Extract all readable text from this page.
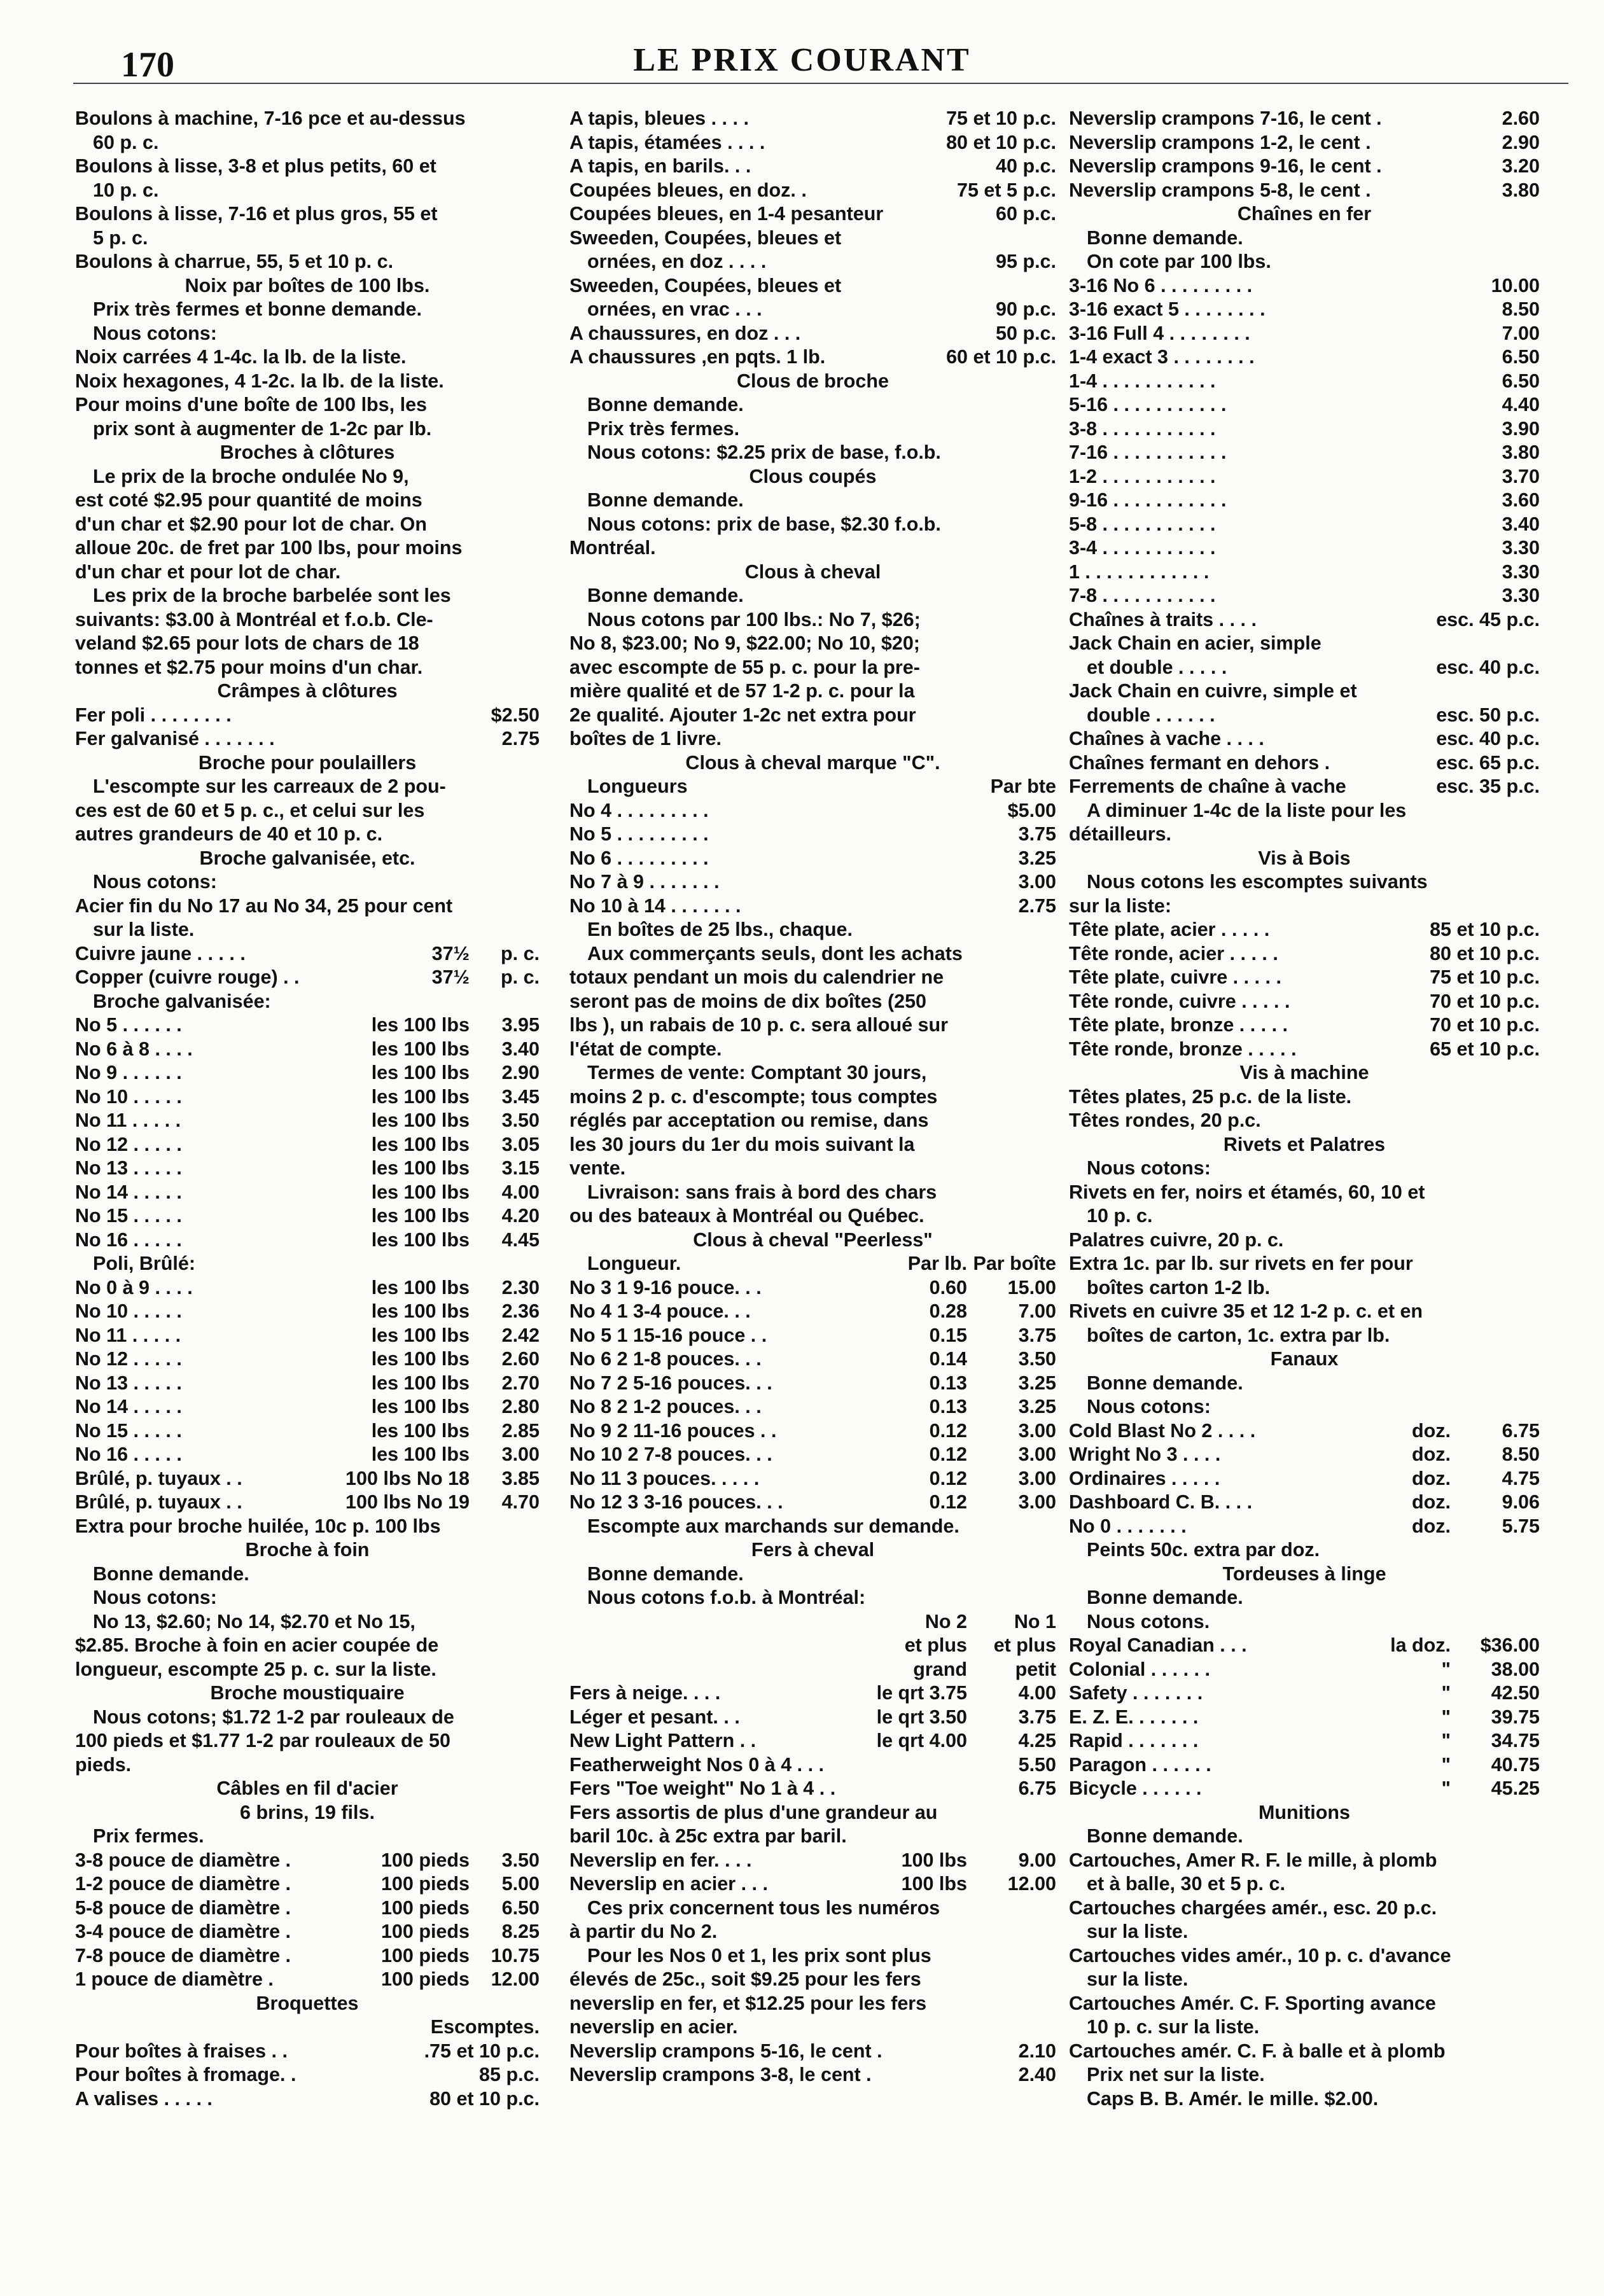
170	LE PRIX COURANT
Boulons à machine, 7-16 pce et au-dessus
60 p. c.
Boulons à lisse, 3-8 et plus petits, 60 et
10 p. c.
Boulons à lisse, 7-16 et plus gros, 55 et
5 p. c.
Boulons à charrue, 55, 5 et 10 p. c.
Noix par boîtes de 100 lbs.
Prix très fermes et bonne demande.
Nous cotons:
Noix carrées 4 1-4c. la lb. de la liste.
Noix hexagones, 4 1-2c. la lb. de la liste.
Pour moins d'une boîte de 100 lbs, les
prix sont à augmenter de 1-2c par lb.
Broches à clôtures
Le prix de la broche ondulée No 9,
est coté $2.95 pour quantité de moins
d'un char et $2.90 pour lot de char. On
alloue 20c. de fret par 100 lbs, pour moins
d'un char et pour lot de char.
Les prix de la broche barbelée sont les
suivants: $3.00 à Montréal et f.o.b. Cle-
veland $2.65 pour lots de chars de 18
tonnes et $2.75 pour moins d'un char.
Crâmpes à clôtures
Fer poli . . . . . . . .	$2.50
Fer galvanisé . . . . . . .	2.75
Broche pour poulaillers
L'escompte sur les carreaux de 2 pou-
ces est de 60 et 5 p. c., et celui sur les
autres grandeurs de 40 et 10 p. c.
Broche galvanisée, etc.
Nous cotons:
Acier fin du No 17 au No 34, 25 pour cent
sur la liste.
Cuivre jaune . . . . .	37½	p. c.
Copper (cuivre rouge) . .	37½	p. c.
Broche galvanisée:
No 5 . . . . . .	les 100 lbs	3.95
No 6 à 8 . . . .	les 100 lbs	3.40
No 9 . . . . . .	les 100 lbs	2.90
No 10 . . . . .	les 100 lbs	3.45
No 11 . . . . .	les 100 lbs	3.50
No 12 . . . . .	les 100 lbs	3.05
No 13 . . . . .	les 100 lbs	3.15
No 14 . . . . .	les 100 lbs	4.00
No 15 . . . . .	les 100 lbs	4.20
No 16 . . . . .	les 100 lbs	4.45
Poli, Brûlé:
No 0 à 9 . . . .	les 100 lbs	2.30
No 10 . . . . .	les 100 lbs	2.36
No 11 . . . . .	les 100 lbs	2.42
No 12 . . . . .	les 100 lbs	2.60
No 13 . . . . .	les 100 lbs	2.70
No 14 . . . . .	les 100 lbs	2.80
No 15 . . . . .	les 100 lbs	2.85
No 16 . . . . .	les 100 lbs	3.00
Brûlé, p. tuyaux . .	100 lbs No 18	3.85
Brûlé, p. tuyaux . .	100 lbs No 19	4.70
Extra pour broche huilée, 10c p. 100 lbs
Broche à foin
Bonne demande.
Nous cotons:
No 13, $2.60; No 14, $2.70 et No 15,
$2.85. Broche à foin en acier coupée de
longueur, escompte 25 p. c. sur la liste.
Broche moustiquaire
Nous cotons; $1.72 1-2 par rouleaux de
100 pieds et $1.77 1-2 par rouleaux de 50
pieds.
Câbles en fil d'acier
6 brins, 19 fils.
Prix fermes.
3-8 pouce de diamètre .	100 pieds	3.50
1-2 pouce de diamètre .	100 pieds	5.00
5-8 pouce de diamètre .	100 pieds	6.50
3-4 pouce de diamètre .	100 pieds	8.25
7-8 pouce de diamètre .	100 pieds	10.75
1 pouce de diamètre .	100 pieds	12.00
Broquettes
Escomptes.
Pour boîtes à fraises . .	.75 et 10 p.c.
Pour boîtes à fromage. .	85 p.c.
A valises . . . . .	80 et 10 p.c.
A tapis, bleues . . . .	75 et 10 p.c.
A tapis, étamées . . . .	80 et 10 p.c.
A tapis, en barils. . .	40 p.c.
Coupées bleues, en doz. .	75 et 5 p.c.
Coupées bleues, en 1-4 pesanteur	60 p.c.
Sweeden, Coupées, bleues et
ornées, en doz . . . .	95 p.c.
Sweeden, Coupées, bleues et
ornées, en vrac . . .	90 p.c.
A chaussures, en doz . . .	50 p.c.
A chaussures ,en pqts. 1 lb.	60 et 10 p.c.
Clous de broche
Bonne demande.
Prix très fermes.
Nous cotons: $2.25 prix de base, f.o.b.
Clous coupés
Bonne demande.
Nous cotons: prix de base, $2.30 f.o.b.
Montréal.
Clous à cheval
Bonne demande.
Nous cotons par 100 lbs.: No 7, $26;
No 8, $23.00; No 9, $22.00; No 10, $20;
avec escompte de 55 p. c. pour la pre-
mière qualité et de 57 1-2 p. c. pour la
2e qualité. Ajouter 1-2c net extra pour
boîtes de 1 livre.
Clous à cheval marque "C".
Longueurs	Par bte
No 4 . . . . . . . . .	$5.00
No 5 . . . . . . . . .	3.75
No 6 . . . . . . . . .	3.25
No 7 à 9 . . . . . . .	3.00
No 10 à 14 . . . . . . .	2.75
En boîtes de 25 lbs., chaque.
Aux commerçants seuls, dont les achats
totaux pendant un mois du calendrier ne
seront pas de moins de dix boîtes (250
lbs ), un rabais de 10 p. c. sera alloué sur
l'état de compte.
Termes de vente: Comptant 30 jours,
moins 2 p. c. d'escompte; tous comptes
réglés par acceptation ou remise, dans
les 30 jours du 1er du mois suivant la
vente.
Livraison: sans frais à bord des chars
ou des bateaux à Montréal ou Québec.
Clous à cheval "Peerless"
Longueur.	Par lb. Par boîte
No 3 1 9-16 pouce. . .	0.60	15.00
No 4 1 3-4 pouce. . .	0.28	7.00
No 5 1 15-16 pouce . .	0.15	3.75
No 6 2 1-8 pouces. . .	0.14	3.50
No 7 2 5-16 pouces. . .	0.13	3.25
No 8 2 1-2 pouces. . .	0.13	3.25
No 9 2 11-16 pouces . .	0.12	3.00
No 10 2 7-8 pouces. . .	0.12	3.00
No 11 3 pouces. . . . .	0.12	3.00
No 12 3 3-16 pouces. . .	0.12	3.00
Escompte aux marchands sur demande.
Fers à cheval
Bonne demande.
Nous cotons f.o.b. à Montréal:
No 2	No 1
et plus	et plus
grand	petit
Fers à neige. . . .	le qrt 3.75	4.00
Léger et pesant. . .	le qrt 3.50	3.75
New Light Pattern . .	le qrt 4.00	4.25
Featherweight Nos 0 à 4 . . .	5.50
Fers "Toe weight" No 1 à 4 . .	6.75
Fers assortis de plus d'une grandeur au
baril 10c. à 25c extra par baril.
Neverslip en fer. . . .	100 lbs	9.00
Neverslip en acier . . .	100 lbs	12.00
Ces prix concernent tous les numéros
à partir du No 2.
Pour les Nos 0 et 1, les prix sont plus
élevés de 25c., soit $9.25 pour les fers
neverslip en fer, et $12.25 pour les fers
neverslip en acier.
Neverslip crampons 5-16, le cent .	2.10
Neverslip crampons 3-8, le cent .	2.40
Neverslip crampons 7-16, le cent .	2.60
Neverslip crampons 1-2, le cent .	2.90
Neverslip crampons 9-16, le cent .	3.20
Neverslip crampons 5-8, le cent .	3.80
Chaînes en fer
Bonne demande.
On cote par 100 lbs.
3-16 No 6 . . . . . . . . .	10.00
3-16 exact 5 . . . . . . . .	8.50
3-16 Full 4 . . . . . . . .	7.00
1-4 exact 3 . . . . . . . .	6.50
1-4 . . . . . . . . . . .	6.50
5-16 . . . . . . . . . . .	4.40
3-8 . . . . . . . . . . .	3.90
7-16 . . . . . . . . . . .	3.80
1-2 . . . . . . . . . . .	3.70
9-16 . . . . . . . . . . .	3.60
5-8 . . . . . . . . . . .	3.40
3-4 . . . . . . . . . . .	3.30
1 . . . . . . . . . . . .	3.30
7-8 . . . . . . . . . . .	3.30
Chaînes à traits . . . .	esc. 45 p.c.
Jack Chain en acier, simple
et double . . . . .	esc. 40 p.c.
Jack Chain en cuivre, simple et
double . . . . . .	esc. 50 p.c.
Chaînes à vache . . . .	esc. 40 p.c.
Chaînes fermant en dehors .	esc. 65 p.c.
Ferrements de chaîne à vache	esc. 35 p.c.
A diminuer 1-4c de la liste pour les
détailleurs.
Vis à Bois
Nous cotons les escomptes suivants
sur la liste:
Tête plate, acier . . . . .	85 et 10 p.c.
Tête ronde, acier . . . . .	80 et 10 p.c.
Tête plate, cuivre . . . . .	75 et 10 p.c.
Tête ronde, cuivre . . . . .	70 et 10 p.c.
Tête plate, bronze . . . . .	70 et 10 p.c.
Tête ronde, bronze . . . . .	65 et 10 p.c.
Vis à machine
Têtes plates, 25 p.c. de la liste.
Têtes rondes, 20 p.c.
Rivets et Palatres
Nous cotons:
Rivets en fer, noirs et étamés, 60, 10 et
10 p. c.
Palatres cuivre, 20 p. c.
Extra 1c. par lb. sur rivets en fer pour
boîtes carton 1-2 lb.
Rivets en cuivre 35 et 12 1-2 p. c. et en
boîtes de carton, 1c. extra par lb.
Fanaux
Bonne demande.
Nous cotons:
Cold Blast No 2 . . . .	doz.	6.75
Wright No 3 . . . .	doz.	8.50
Ordinaires . . . . .	doz.	4.75
Dashboard C. B. . . .	doz.	9.06
No 0 . . . . . . .	doz.	5.75
Peints 50c. extra par doz.
Tordeuses à linge
Bonne demande.
Nous cotons.
Royal Canadian . . .	la doz.	$36.00
Colonial . . . . . .	"	38.00
Safety . . . . . . .	"	42.50
E. Z. E. . . . . . .	"	39.75
Rapid . . . . . . .	"	34.75
Paragon . . . . . .	"	40.75
Bicycle . . . . . .	"	45.25
Munitions
Bonne demande.
Cartouches, Amer R. F. le mille, à plomb
et à balle, 30 et 5 p. c.
Cartouches chargées amér., esc. 20 p.c.
sur la liste.
Cartouches vides amér., 10 p. c. d'avance
sur la liste.
Cartouches Amér. C. F. Sporting avance
10 p. c. sur la liste.
Cartouches amér. C. F. à balle et à plomb
Prix net sur la liste.
Caps B. B. Amér. le mille. $2.00.
